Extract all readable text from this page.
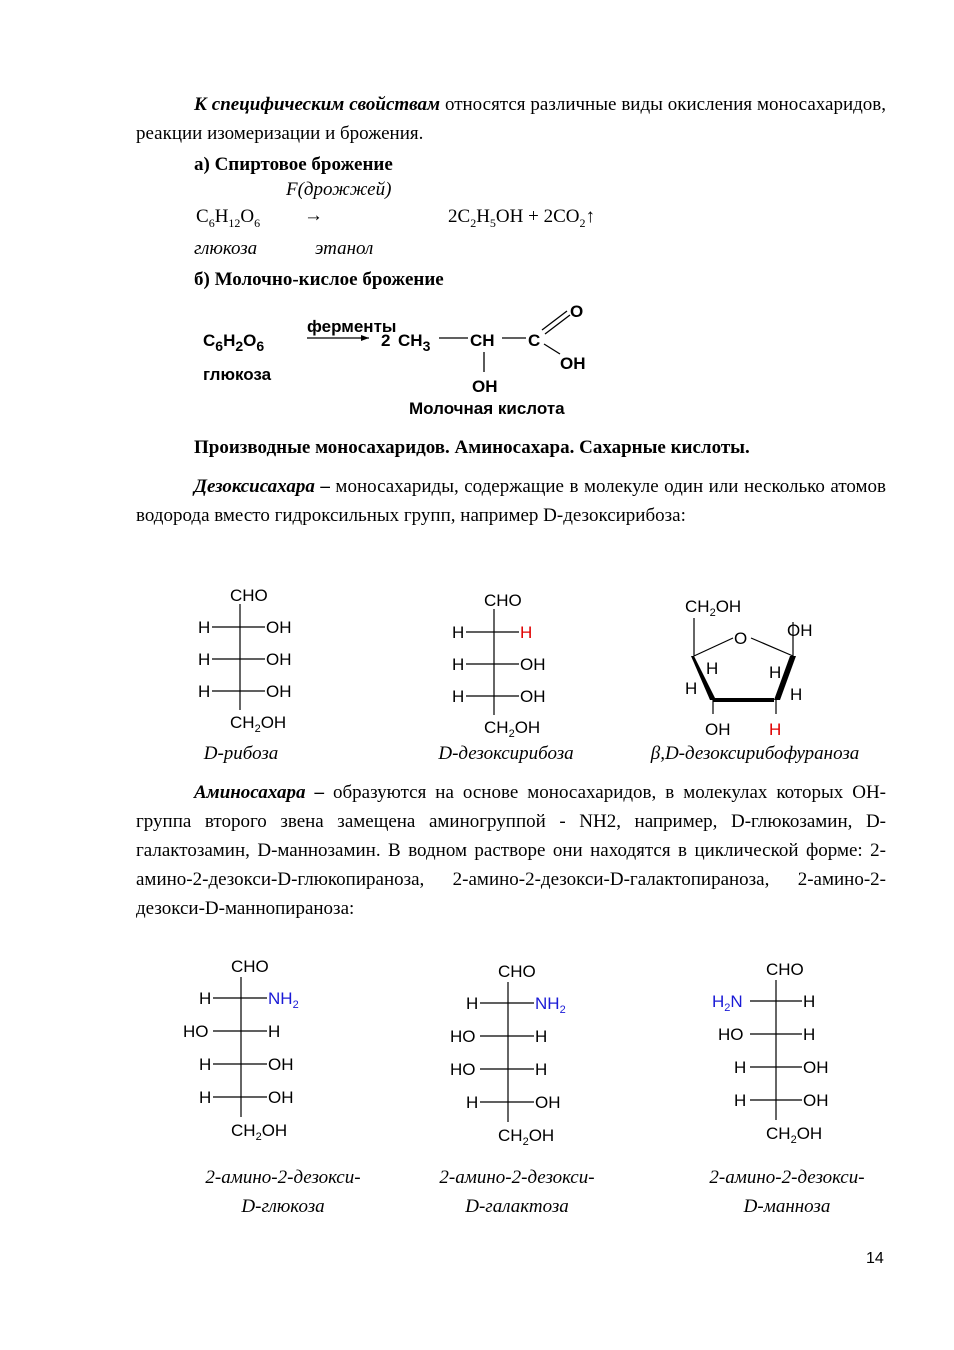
К специфическим свойствам относятся различные виды окисления моносахаридов, реакции изомеризации и брожения.
а) Спиртовое брожение
F(дрожжей)
$C_6H_{12}O_6$ →	$2C_2H_5OH$ + $2CO_2↑$
глюкоза	этанол
б) Молочно-кислое брожение
$C_6H_2O_6$
ферменты
2 $CH_3$ CH C
O
OH
OH
глюкоза
Молочная кислота
Производные моносахаридов. Аминосахара. Сахарные кислоты.
Дезоксисахара – моносахариды, содержащие в молекуле один или несколько атомов водорода вместо гидроксильных групп, например D-дезоксирибоза:
CHO
H	OH
H	OH
H	OH
$CH_2OH$
D-рибоза
CHO
H	H
H	OH
H	OH
$CH_2OH$
D-дезоксирибоза
$CH_2OH$
O OH
H
H
H
H
OH H
β,D-дезоксирибофураноза
Аминосахара – образуются на основе моносахаридов, в молекулах которых OH-группа второго звена замещена аминогруппой - NH2, например, D-глюкозамин, D-галактозамин, D-маннозамин. В водном растворе они находятся в циклической форме: 2-амино-2-дезокси-D-глюкопираноза, 2-амино-2-дезокси-D-галактопираноза, 2-амино-2-дезокси-D-маннопираноза:
CHO
H	$NH_2$
HO	H
H	OH
H	OH
$CH_2OH$
2-амино-2-дезокси-
D-глюкоза
CHO
H	$NH_2$
HO	H
HO	H
H	OH
$CH_2OH$
2-амино-2-дезокси-
D-галактоза
CHO
$H_2N$	H
HO	H
H	OH
H	OH
$CH_2OH$
2-амино-2-дезокси-
D-манноза
14
